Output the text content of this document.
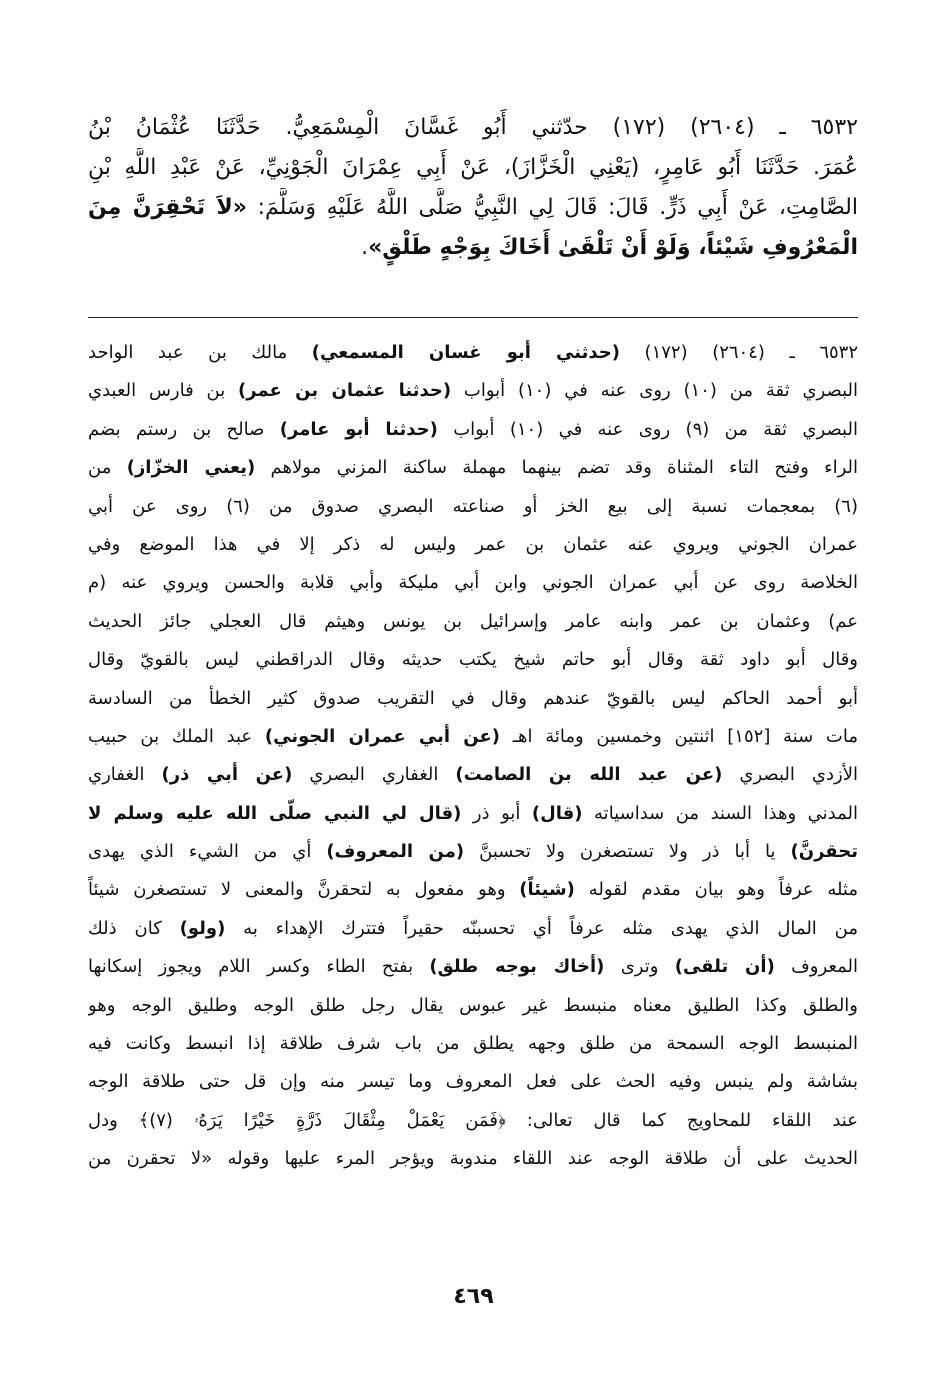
٦٥٣٢ ـ (٢٦٠٤) (١٧٢) حدّثني أَبُو غَسَّانَ الْمِسْمَعِيُّ. حَدَّثَنَا عُثْمَانُ بْنُ
عُمَرَ. حَدَّثَنَا أَبُو عَامِرٍ، (يَعْنِي الْخَزَّازَ)، عَنْ أَبِي عِمْرَانَ الْجَوْنِيِّ، عَنْ عَبْدِ اللَّهِ بْنِ
الصَّامِتِ، عَنْ أَبِي ذَرٍّ. قَالَ: قَالَ لِي النَّبِيُّ صَلَّى اللَّهُ عَلَيْهِ وَسَلَّمَ: «لاَ تَحْقِرَنَّ مِنَ
الْمَعْرُوفِ شَيْئاً، وَلَوْ أَنْ تَلْقَىٰ أَخَاكَ بِوَجْهٍ طَلْقٍ».
٦٥٣٢ ـ (٢٦٠٤) (١٧٢) (حدثني أبو غسان المسمعي) مالك بن عبد الواحد
البصري ثقة من (١٠) روى عنه في (١٠) أبواب (حدثنا عثمان بن عمر) بن فارس العبدي
البصري ثقة من (٩) روى عنه في (١٠) أبواب (حدثنا أبو عامر) صالح بن رستم بضم
الراء وفتح التاء المثناة وقد تضم بينهما مهملة ساكنة المزني مولاهم (يعني الخزّاز) من
(٦) بمعجمات نسبة إلى بيع الخز أو صناعته البصري صدوق من (٦) روى عن أبي
عمران الجوني ويروي عنه عثمان بن عمر وليس له ذكر إلا في هذا الموضع وفي
الخلاصة روى عن أبي عمران الجوني وابن أبي مليكة وأبي قلابة والحسن ويروي عنه (م
عم) وعثمان بن عمر وابنه عامر وإسرائيل بن يونس وهيثم قال العجلي جائز الحديث
وقال أبو داود ثقة وقال أبو حاتم شيخ يكتب حديثه وقال الدراقطني ليس بالقويّ وقال
أبو أحمد الحاكم ليس بالقويّ عندهم وقال في التقريب صدوق كثير الخطأ من السادسة
مات سنة [١٥٢] اثنتين وخمسين ومائة اهـ (عن أبي عمران الجوني) عبد الملك بن حبيب
الأزدي البصري (عن عبد الله بن الصامت) الغفاري البصري (عن أبي ذر) الغفاري
المدني وهذا السند من سداسياته (قال) أبو ذر (قال لي النبي صلّى الله عليه وسلم لا
تحقرنَّ) يا أبا ذر ولا تستصغرن ولا تحسبنَّ (من المعروف) أي من الشيء الذي يهدى
مثله عرفاً وهو بيان مقدم لقوله (شيئاً) وهو مفعول به لتحقرنَّ والمعنى لا تستصغرن شيئاً
من المال الذي يهدى مثله عرفاً أي تحسبنّه حقيراً فتترك الإهداء به (ولو) كان ذلك
المعروف (أن تلقى) وترى (أخاك بوجه طلق) بفتح الطاء وكسر اللام ويجوز إسكانها
والطلق وكذا الطليق معناه منبسط غير عبوس يقال رجل طلق الوجه وطليق الوجه وهو
المنبسط الوجه السمحة من طلق وجهه يطلق من باب شرف طلاقة إذا انبسط وكانت فيه
بشاشة ولم ينبس وفيه الحث على فعل المعروف وما تيسر منه وإن قل حتى طلاقة الوجه
عند اللقاء للمحاويج كما قال تعالى: ﴿فَمَن يَعْمَلْ مِثْقَالَ ذَرَّةٍ خَيْرًا يَرَهُۥ (٧)﴾ ودل
الحديث على أن طلاقة الوجه عند اللقاء مندوبة ويؤجر المرء عليها وقوله «لا تحقرن من
٤٦٩
